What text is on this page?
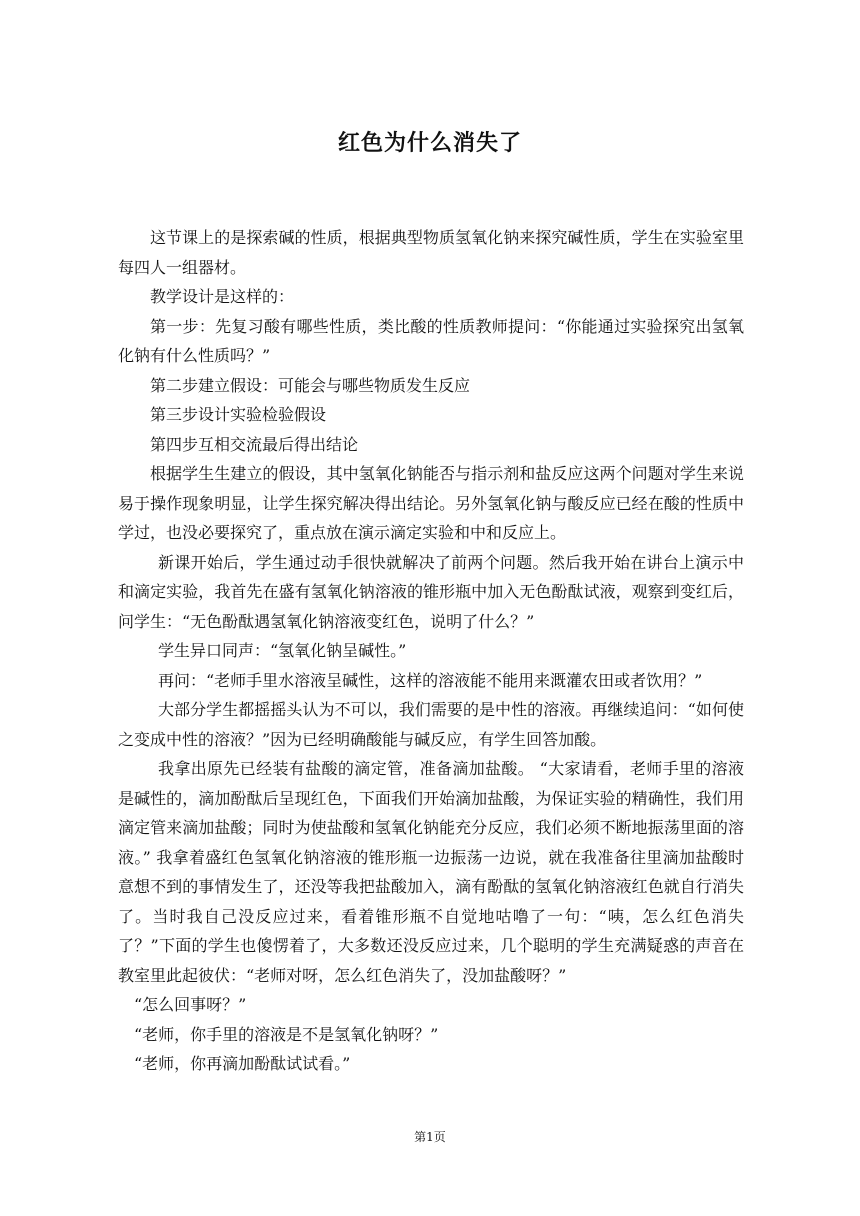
红色为什么消失了

这节课上的是探索碱的性质，根据典型物质氢氧化钠来探究碱性质，学生在实验室里每四人一组器材。

教学设计是这样的：

第一步：先复习酸有哪些性质，类比酸的性质教师提问：“你能通过实验探究出氢氧化钠有什么性质吗？”

第二步建立假设：可能会与哪些物质发生反应

第三步设计实验检验假设

第四步互相交流最后得出结论

根据学生生建立的假设，其中氢氧化钠能否与指示剂和盐反应这两个问题对学生来说易于操作现象明显，让学生探究解决得出结论。另外氢氧化钠与酸反应已经在酸的性质中学过，也没必要探究了，重点放在演示滴定实验和中和反应上。

新课开始后，学生通过动手很快就解决了前两个问题。然后我开始在讲台上演示中和滴定实验，我首先在盛有氢氧化钠溶液的锥形瓶中加入无色酚酞试液，观察到变红后，问学生：“无色酚酞遇氢氧化钠溶液变红色，说明了什么？”

学生异口同声：“氢氧化钠呈碱性。”

再问：“老师手里水溶液呈碱性，这样的溶液能不能用来溉灌农田或者饮用？”

大部分学生都摇摇头认为不可以，我们需要的是中性的溶液。再继续追问：“如何使之变成中性的溶液？”因为已经明确酸能与碱反应，有学生回答加酸。

我拿出原先已经装有盐酸的滴定管，准备滴加盐酸。 “大家请看，老师手里的溶液是碱性的，滴加酚酞后呈现红色，下面我们开始滴加盐酸，为保证实验的精确性，我们用滴定管来滴加盐酸；同时为使盐酸和氢氧化钠能充分反应，我们必须不断地振荡里面的溶液。” 我拿着盛红色氢氧化钠溶液的锥形瓶一边振荡一边说，就在我准备往里滴加盐酸时意想不到的事情发生了，还没等我把盐酸加入，滴有酚酞的氢氧化钠溶液红色就自行消失了。当时我自己没反应过来，看着锥形瓶不自觉地咕噜了一句：“咦，怎么红色消失了？”下面的学生也傻愣着了，大多数还没反应过来，几个聪明的学生充满疑惑的声音在教室里此起彼伏：“老师对呀，怎么红色消失了，没加盐酸呀？”

“怎么回事呀？”

“老师，你手里的溶液是不是氢氧化钠呀？”

“老师，你再滴加酚酞试试看。”

第1页
